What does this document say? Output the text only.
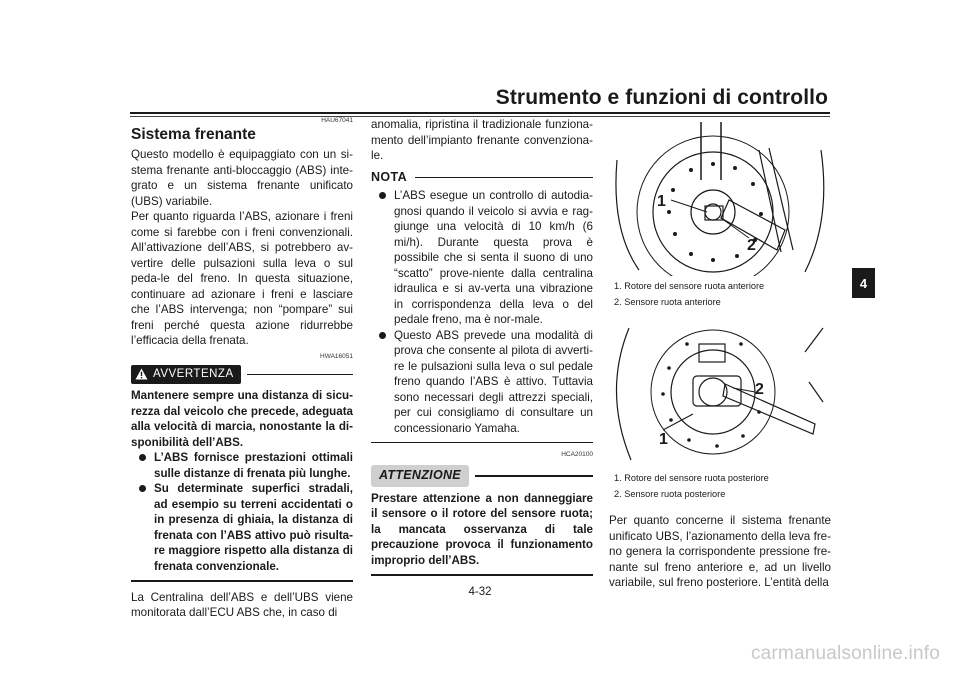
Strumento e funzioni di controllo
4
HAU67041
Sistema frenante

Questo modello è equipaggiato con un si-stema frenante anti-bloccaggio (ABS) inte-grato e un sistema frenante unificato (UBS) variabile.

Per quanto riguarda l’ABS, azionare i freni come si farebbe con i freni convenzionali. All’attivazione dell’ABS, si potrebbero av-vertire delle pulsazioni sulla leva o sul peda-le del freno. In questa situazione, continuare ad azionare i freni e lasciare che l’ABS intervenga; non “pompare” sui freni perché questa azione ridurrebbe l’efficacia della frenata.

HWA16051
AVVERTENZA

Mantenere sempre una distanza di sicu-rezza dal veicolo che precede, adeguata alla velocità di marcia, nonostante la di-sponibilità dell’ABS.

L’ABS fornisce prestazioni ottimali sulle distanze di frenata più lunghe.
Su determinate superfici stradali, ad esempio su terreni accidentati o in presenza di ghiaia, la distanza di frenata con l’ABS attivo può risulta-re maggiore rispetto alla distanza di frenata convenzionale.

La Centralina dell’ABS e dell’UBS viene monitorata dall’ECU ABS che, in caso di

anomalia, ripristina il tradizionale funziona-mento dell’impianto frenante convenziona-le.

NOTA
L’ABS esegue un controllo di autodia-gnosi quando il veicolo si avvia e rag-giunge una velocità di 10 km/h (6 mi/h). Durante questa prova è possibile che si senta il suono di uno “scatto” prove-niente dalla centralina idraulica e si av-verta una vibrazione in corrispondenza della leva o del pedale freno, ma è nor-male.
Questo ABS prevede una modalità di prova che consente al pilota di avverti-re le pulsazioni sulla leva o sul pedale freno quando l’ABS è attivo. Tuttavia sono necessari degli attrezzi speciali, per cui consigliamo di consultare un concessionario Yamaha.
HCA20100
ATTENZIONE

Prestare attenzione a non danneggiare il sensore o il rotore del sensore ruota; la mancata osservanza di tale precauzione provoca il funzionamento improprio dell’ABS.

1
2
1. Rotore del sensore ruota anteriore
2. Sensore ruota anteriore
1
2
1. Rotore del sensore ruota posteriore
2. Sensore ruota posteriore

Per quanto concerne il sistema frenante unificato UBS, l’azionamento della leva fre-no genera la corrispondente pressione fre-nante sul freno anteriore e, ad un livello variabile, sul freno posteriore. L’entità della

4-32
carmanualsonline.info
